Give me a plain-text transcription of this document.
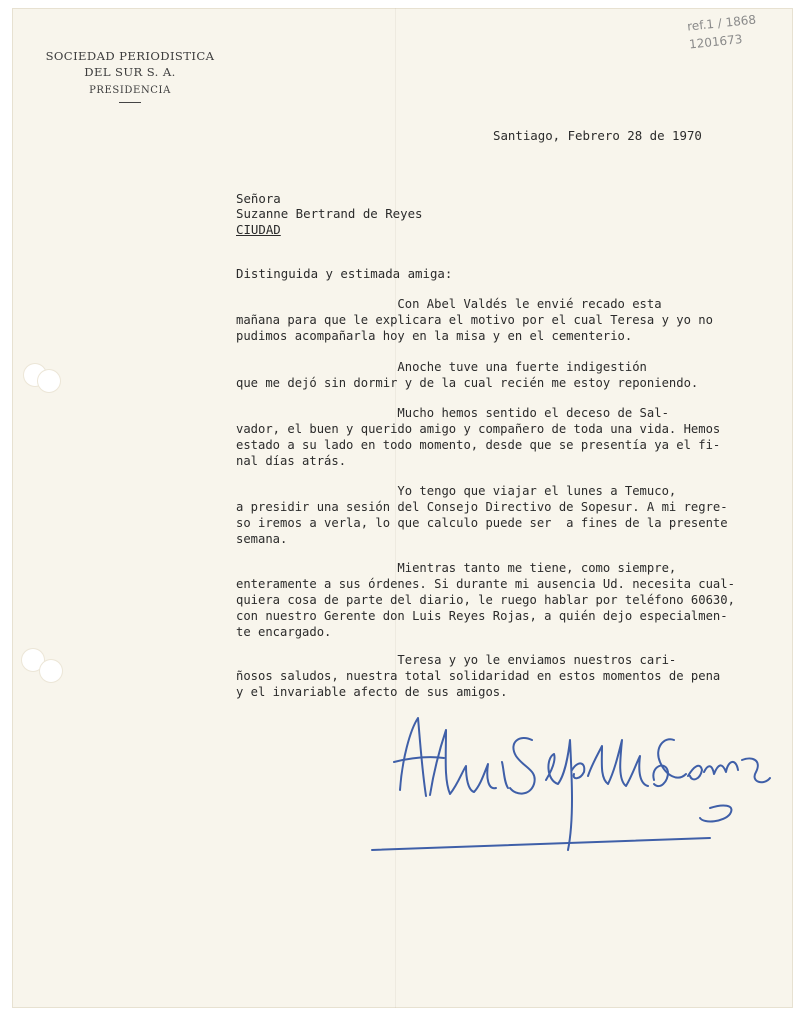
SOCIEDAD PERIODISTICA
DEL SUR S. A.
PRESIDENCIA
ref.1 / 1868
1201673
Santiago, Febrero 28 de 1970
Señora
Suzanne Bertrand de Reyes
CIUDAD
Distinguida y estimada amiga:
Con Abel Valdés le envié recado esta
mañana para que le explicara el motivo por el cual Teresa y yo no
pudimos acompañarla hoy en la misa y en el cementerio.
Anoche tuve una fuerte indigestión
que me dejó sin dormir y de la cual recién me estoy reponiendo.
Mucho hemos sentido el deceso de Sal-
vador, el buen y querido amigo y compañero de toda una vida. Hemos
estado a su lado en todo momento, desde que se presentía ya el fi-
nal días atrás.
Yo tengo que viajar el lunes a Temuco,
a presidir una sesión del Consejo Directivo de Sopesur. A mi regre-
so iremos a verla, lo que calculo puede ser  a fines de la presente
semana.
Mientras tanto me tiene, como siempre,
enteramente a sus órdenes. Si durante mi ausencia Ud. necesita cual-
quiera cosa de parte del diario, le ruego hablar por teléfono 60630,
con nuestro Gerente don Luis Reyes Rojas, a quién dejo especialmen-
te encargado.
Teresa y yo le enviamos nuestros cari-
ñosos saludos, nuestra total solidaridad en estos momentos de pena
y el invariable afecto de sus amigos.
